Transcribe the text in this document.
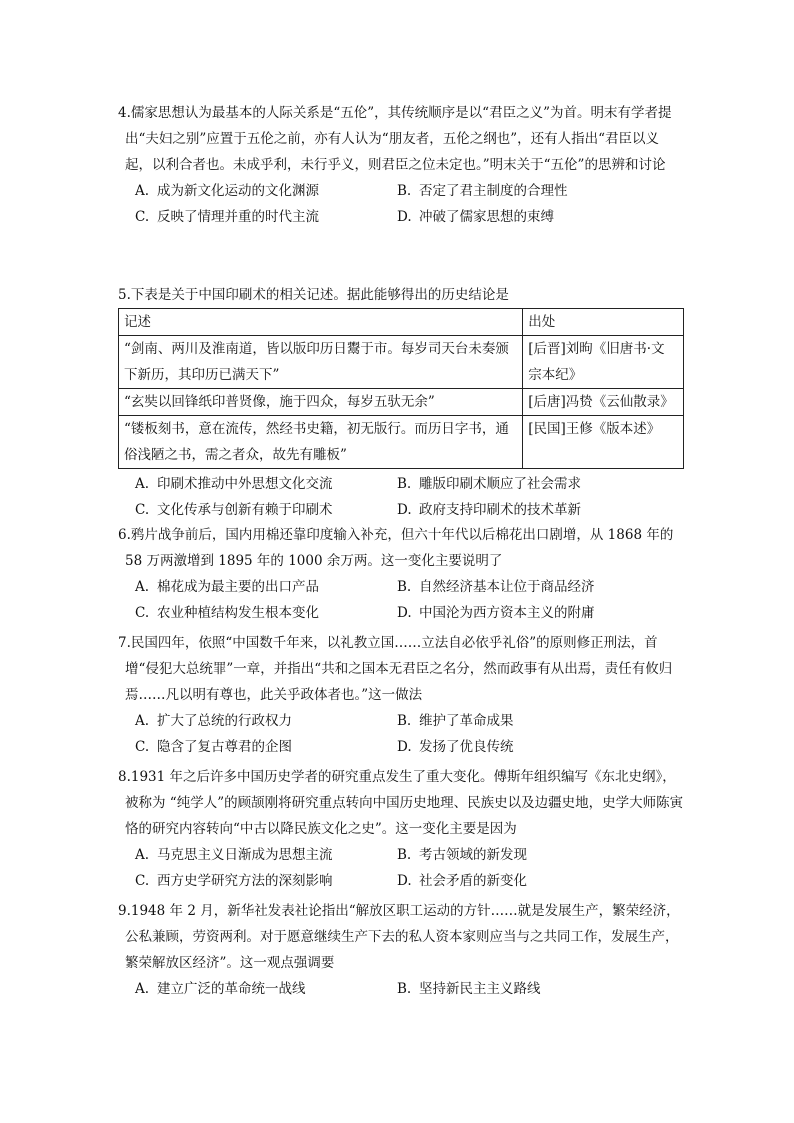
4.儒家思想认为最基本的人际关系是“五伦”，其传统顺序是以“君臣之义”为首。明末有学者提出“夫妇之别”应置于五伦之前，亦有人认为“朋友者，五伦之纲也”，还有人指出“君臣以义起，以利合者也。未成乎利，未行乎义，则君臣之位未定也。”明末关于“五伦”的思辨和讨论

A. 成为新文化运动的文化渊源	B. 否定了君主制度的合理性
C. 反映了情理并重的时代主流	D. 冲破了儒家思想的束缚

5.下表是关于中国印刷术的相关记述。据此能够得出的历史结论是

记述	出处
“剑南、两川及淮南道，皆以版印历日鬻于市。每岁司天台未奏颁下新历，其印历已满天下”	[后晋]刘昫《旧唐书·文宗本纪》
“玄奘以回锋纸印普贤像，施于四众，每岁五驮无余”	[后唐]冯贽《云仙散录》
“镂板刻书，意在流传，然经书史籍，初无版行。而历日字书，通俗浅陋之书，需之者众，故先有雕板”	[民国]王修《版本述》
A. 印刷术推动中外思想文化交流	B. 雕版印刷术顺应了社会需求
C. 文化传承与创新有赖于印刷术	D. 政府支持印刷术的技术革新

6.鸦片战争前后，国内用棉还靠印度输入补充，但六十年代以后棉花出口剧增，从 1868 年的 58 万两激增到 1895 年的 1000 余万两。这一变化主要说明了

A. 棉花成为最主要的出口产品	B. 自然经济基本让位于商品经济
C. 农业种植结构发生根本变化	D. 中国沦为西方资本主义的附庸

7.民国四年，依照“中国数千年来，以礼教立国……立法自必依乎礼俗”的原则修正刑法，首增“侵犯大总统罪”一章，并指出“共和之国本无君臣之名分，然而政事有从出焉，责任有攸归焉……凡以明有尊也，此关乎政体者也。”这一做法

A. 扩大了总统的行政权力	B. 维护了革命成果
C. 隐含了复古尊君的企图	D. 发扬了优良传统

8.1931 年之后许多中国历史学者的研究重点发生了重大变化。傅斯年组织编写《东北史纲》，被称为 “纯学人”的顾颉刚将研究重点转向中国历史地理、民族史以及边疆史地，史学大师陈寅恪的研究内容转向“中古以降民族文化之史”。这一变化主要是因为

A. 马克思主义日渐成为思想主流	B. 考古领域的新发现
C. 西方史学研究方法的深刻影响	D. 社会矛盾的新变化

9.1948 年 2 月，新华社发表社论指出“解放区职工运动的方针……就是发展生产，繁荣经济，公私兼顾，劳资两利。对于愿意继续生产下去的私人资本家则应当与之共同工作，发展生产，繁荣解放区经济”。这一观点强调要

A. 建立广泛的革命统一战线	B. 坚持新民主主义路线
